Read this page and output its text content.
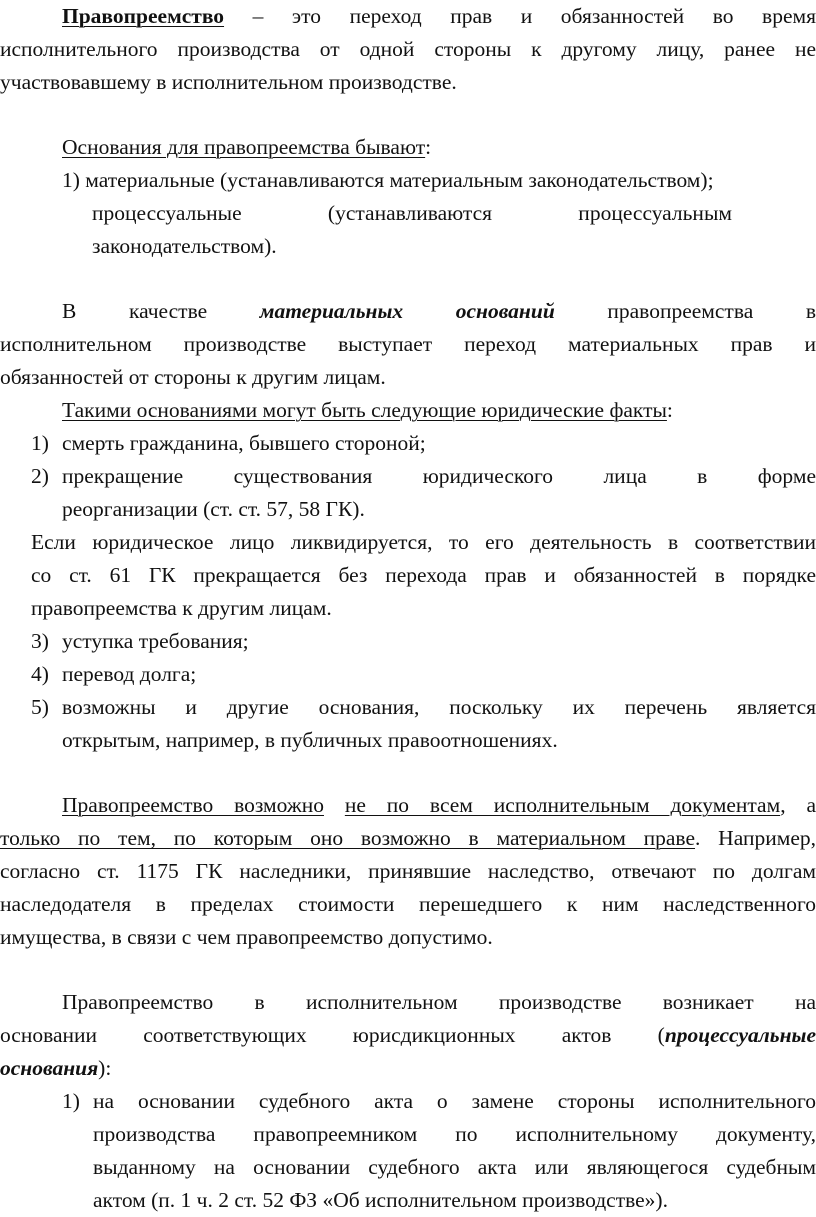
Правопреемство – это переход прав и обязанностей во время
исполнительного производства от одной стороны к другому лицу, ранее не
участвовавшему в исполнительном производстве.
Основания для правопреемства бывают:
1) материальные (устанавливаются материальным законодательством);
процессуальные (устанавливаются процессуальным
законодательством).
В качестве материальных оснований правопреемства в
исполнительном производстве выступает переход материальных прав и
обязанностей от стороны к другим лицам.
Такими основаниями могут быть следующие юридические факты:
1) смерть гражданина, бывшего стороной;
2) прекращение существования юридического лица в форме
реорганизации (ст. ст. 57, 58 ГК).
Если юридическое лицо ликвидируется, то его деятельность в соответствии
со ст. 61 ГК прекращается без перехода прав и обязанностей в порядке
правопреемства к другим лицам.
3) уступка требования;
4) перевод долга;
5) возможны и другие основания, поскольку их перечень является
открытым, например, в публичных правоотношениях.
Правопреемство возможно не по всем исполнительным документам, а
только по тем, по которым оно возможно в материальном праве. Например,
согласно ст. 1175 ГК наследники, принявшие наследство, отвечают по долгам
наследодателя в пределах стоимости перешедшего к ним наследственного
имущества, в связи с чем правопреемство допустимо.
Правопреемство в исполнительном производстве возникает на
основании соответствующих юрисдикционных актов (процессуальные
основания):
1) на основании судебного акта о замене стороны исполнительного
производства правопреемником по исполнительному документу,
выданному на основании судебного акта или являющегося судебным
актом (п. 1 ч. 2 ст. 52 ФЗ «Об исполнительном производстве»).
